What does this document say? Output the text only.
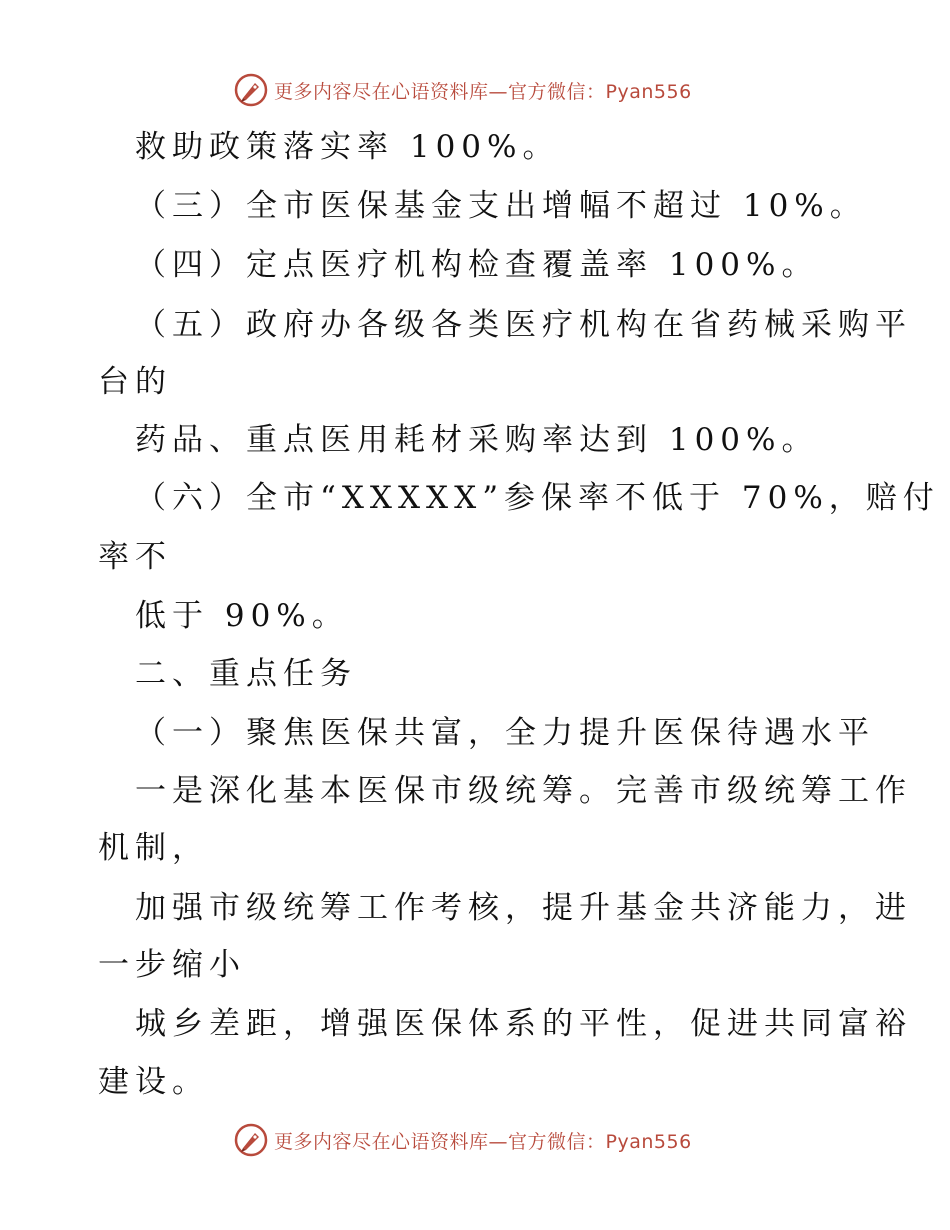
更多内容尽在心语资料库—官方微信：Pyan556

救助政策落实率 100%。

（三）全市医保基金支出增幅不超过 10%。

（四）定点医疗机构检查覆盖率 100%。

（五）政府办各级各类医疗机构在省药械采购平

台的

药品、重点医用耗材采购率达到 100%。

（六）全市“XXXXX”参保率不低于 70%，赔付

率不

低于 90%。

二、重点任务

（一）聚焦医保共富，全力提升医保待遇水平

一是深化基本医保市级统筹。完善市级统筹工作

机制，

加强市级统筹工作考核，提升基金共济能力，进

一步缩小

城乡差距，增强医保体系的平性，促进共同富裕

建设。

更多内容尽在心语资料库—官方微信：Pyan556
